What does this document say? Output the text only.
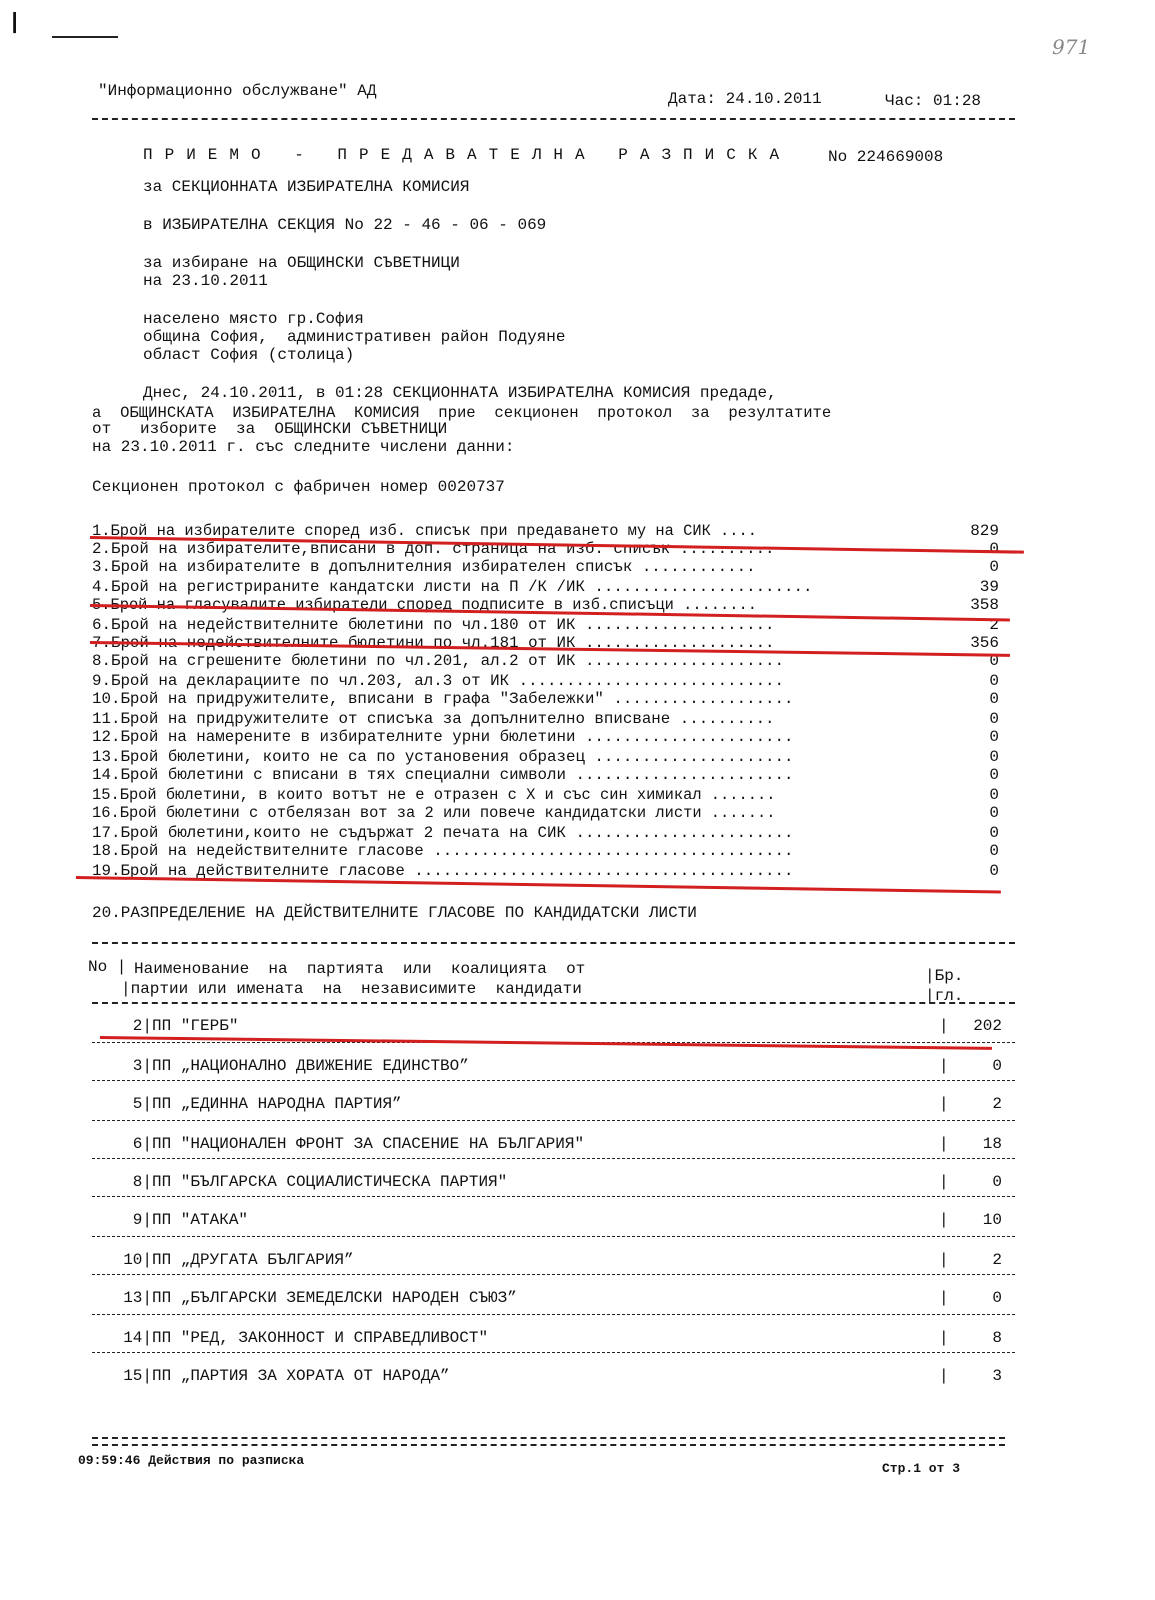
|
971
"Информационно обслужване" АД	Дата: 24.10.2011	Час: 01:28
ПРИЕМО - ПРЕДАВАТЕЛНА РАЗПИСКА No 224669008
за СЕКЦИОННАТА ИЗБИРАТЕЛНА КОМИСИЯ
в ИЗБИРАТЕЛНА СЕКЦИЯ No 22 - 46 - 06 - 069
за избиране на ОБЩИНСКИ СЪВЕТНИЦИ
на 23.10.2011
населено място гр.София
община София,  административен район Подуяне
област София (столица)
Днес, 24.10.2011, в 01:28 СЕКЦИОННАТА ИЗБИРАТЕЛНА КОМИСИЯ предаде,
а  ОБЩИНСКАТА  ИЗБИРАТЕЛНА  КОМИСИЯ  прие  секционен  протокол  за  резултатите
от   изборите  за  ОБЩИНСКИ СЪВЕТНИЦИ
на 23.10.2011 г. със следните числени данни:
Секционен протокол с фабричен номер 0020737
1.Брой на избирателите според изб. списък при предаването му на СИК ....	829
2.Брой на избирателите,вписани в доп. страница на изб. списък ..........	0
3.Брой на избирателите в допълнителния избирателен списък ............	0
4.Брой на регистрираните кандатски листи на П /К /ИК .......................	39
5.Брой на гласувалите избиратели според подписите в изб.списъци ........	358
6.Брой на недействителните бюлетини по чл.180 от ИК ....................	2
7.Брой на недействителните бюлетини по чл.181 от ИК ....................	356
8.Брой на сгрешените бюлетини по чл.201, ал.2 от ИК .....................	0
9.Брой на декларациите по чл.203, ал.3 от ИК ............................	0
10.Брой на придружителите, вписани в графа "Забележки" ...................	0
11.Брой на придружителите от списъка за допълнително вписване ..........	0
12.Брой на намерените в избирателните урни бюлетини ......................	0
13.Брой бюлетини, които не са по установения образец .....................	0
14.Брой бюлетини с вписани в тях специални символи .......................	0
15.Брой бюлетини, в които вотът не е отразен с Х и със син химикал .......	0
16.Брой бюлетини с отбелязан вот за 2 или повече кандидатски листи .......	0
17.Брой бюлетини,които не съдържат 2 печата на СИК .......................	0
18.Брой на недействителните гласове ......................................	0
19.Брой на действителните гласове ........................................	0
20.РАЗПРЕДЕЛЕНИЕ НА ДЕЙСТВИТЕЛНИТЕ ГЛАСОВЕ ПО КАНДИДАТСКИ ЛИСТИ
No | Наименование  на  партията  или  коалицията  от
|партии или имената  на  независимите  кандидати
|Бр.
|гл.
2| ПП "ГЕРБ"	|	202
3| ПП „НАЦИОНАЛНО ДВИЖЕНИЕ ЕДИНСТВО”	|	0
5| ПП „ЕДИННА НАРОДНА ПАРТИЯ”	|	2
6| ПП "НАЦИОНАЛЕН ФРОНТ ЗА СПАСЕНИЕ НА БЪЛГАРИЯ"	|	18
8| ПП "БЪЛГАРСКА СОЦИАЛИСТИЧЕСКА ПАРТИЯ"	|	0
9| ПП "АТАКА"	|	10
10| ПП „ДРУГАТА БЪЛГАРИЯ”	|	2
13| ПП „БЪЛГАРСКИ ЗЕМЕДЕЛСКИ НАРОДЕН СЪЮЗ”	|	0
14| ПП "РЕД, ЗАКОННОСТ И СПРАВЕДЛИВОСТ"	|	8
15| ПП „ПАРТИЯ ЗА ХОРАТА ОТ НАРОДА”	|	3
09:59:46 Действия по разписка
Стр.1 от 3
